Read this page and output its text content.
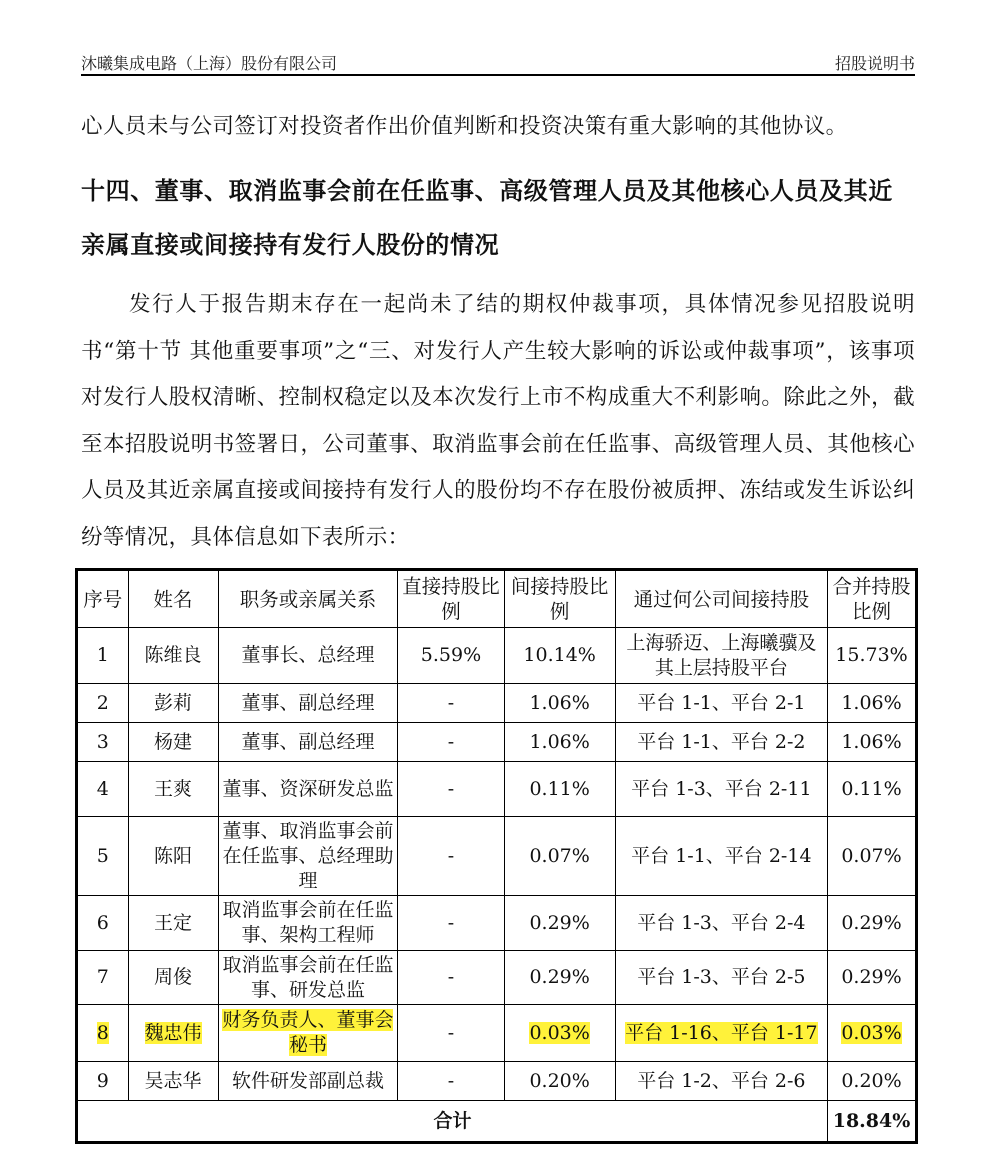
沐曦集成电路（上海）股份有限公司	招股说明书
心人员未与公司签订对投资者作出价值判断和投资决策有重大影响的其他协议。
十四、董事、取消监事会前在任监事、高级管理人员及其他核心人员及其近亲属直接或间接持有发行人股份的情况
发行人于报告期末存在一起尚未了结的期权仲裁事项，具体情况参见招股说明书“第十节 其他重要事项”之“三、对发行人产生较大影响的诉讼或仲裁事项”，该事项对发行人股权清晰、控制权稳定以及本次发行上市不构成重大不利影响。除此之外，截至本招股说明书签署日，公司董事、取消监事会前在任监事、高级管理人员、其他核心人员及其近亲属直接或间接持有发行人的股份均不存在股份被质押、冻结或发生诉讼纠纷等情况，具体信息如下表所示：
序号	姓名	职务或亲属关系	直接持股比例	间接持股比例	通过何公司间接持股	合并持股比例
1	陈维良	董事长、总经理	5.59%	10.14%	上海骄迈、上海曦骥及其上层持股平台	15.73%
2	彭莉	董事、副总经理	-	1.06%	平台 1-1、平台 2-1	1.06%
3	杨建	董事、副总经理	-	1.06%	平台 1-1、平台 2-2	1.06%
4	王爽	董事、资深研发总监	-	0.11%	平台 1-3、平台 2-11	0.11%
5	陈阳	董事、取消监事会前在任监事、总经理助理	-	0.07%	平台 1-1、平台 2-14	0.07%
6	王定	取消监事会前在任监事、架构工程师	-	0.29%	平台 1-3、平台 2-4	0.29%
7	周俊	取消监事会前在任监事、研发总监	-	0.29%	平台 1-3、平台 2-5	0.29%
8	魏忠伟	财务负责人、董事会秘书	-	0.03%	平台 1-16、平台 1-17	0.03%
9	吴志华	软件研发部副总裁	-	0.20%	平台 1-2、平台 2-6	0.20%
合计						18.84%
